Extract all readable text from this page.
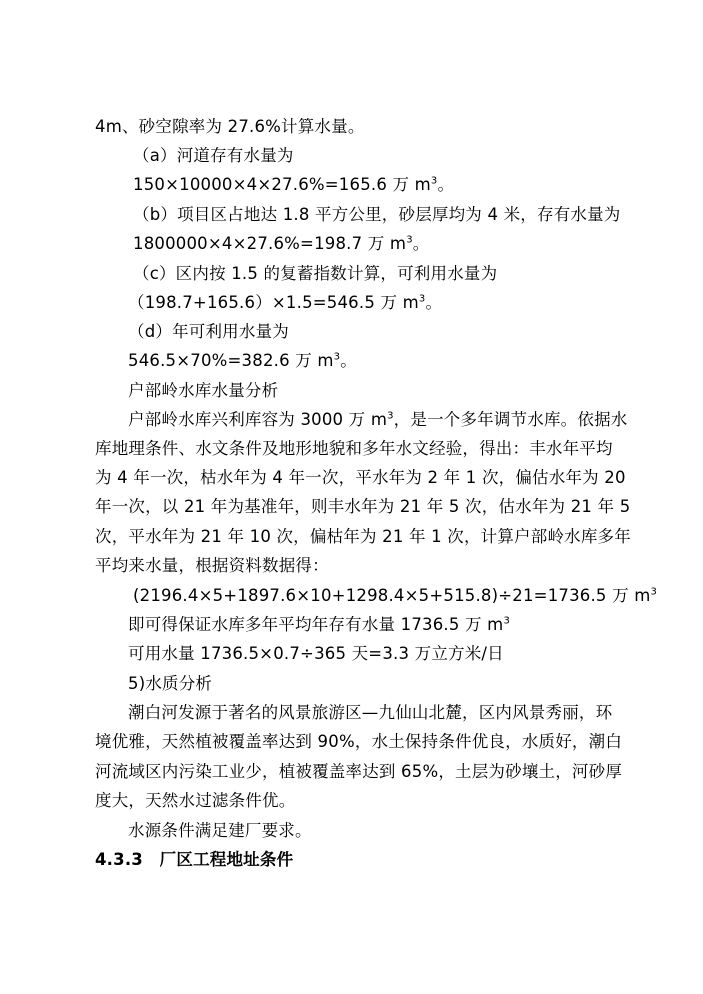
4m、砂空隙率为 27.6%计算水量。
（a）河道存有水量为
150×10000×4×27.6%=165.6 万 $m^3$。
（b）项目区占地达 1.8 平方公里，砂层厚均为 4 米，存有水量为
1800000×4×27.6%=198.7 万 $m^3$。
（c）区内按 1.5 的复蓄指数计算，可利用水量为
（198.7+165.6）×1.5=546.5 万 $m^3$。
（d）年可利用水量为
546.5×70%=382.6 万 $m^3$。
户部岭水库水量分析
户部岭水库兴利库容为 3000 万 $m^3$，是一个多年调节水库。依据水
库地理条件、水文条件及地形地貌和多年水文经验，得出：丰水年平均
为 4 年一次，枯水年为 4 年一次，平水年为 2 年 1 次，偏估水年为 20
年一次，以 21 年为基准年，则丰水年为 21 年 5 次，估水年为 21 年 5
次，平水年为 21 年 10 次，偏枯年为 21 年 1 次，计算户部岭水库多年
平均来水量，根据资料数据得：
(2196.4×5+1897.6×10+1298.4×5+515.8)÷21=1736.5 万 $m^3$
即可得保证水库多年平均年存有水量 1736.5 万 $m^3$
可用水量 1736.5×0.7÷365 天=3.3 万立方米/日
5)水质分析
潮白河发源于著名的风景旅游区—九仙山北麓，区内风景秀丽，环
境优雅，天然植被覆盖率达到 90%，水土保持条件优良，水质好，潮白
河流域区内污染工业少，植被覆盖率达到 65%，土层为砂壤土，河砂厚
度大，天然水过滤条件优。
水源条件满足建厂要求。
4.3.3　厂区工程地址条件
